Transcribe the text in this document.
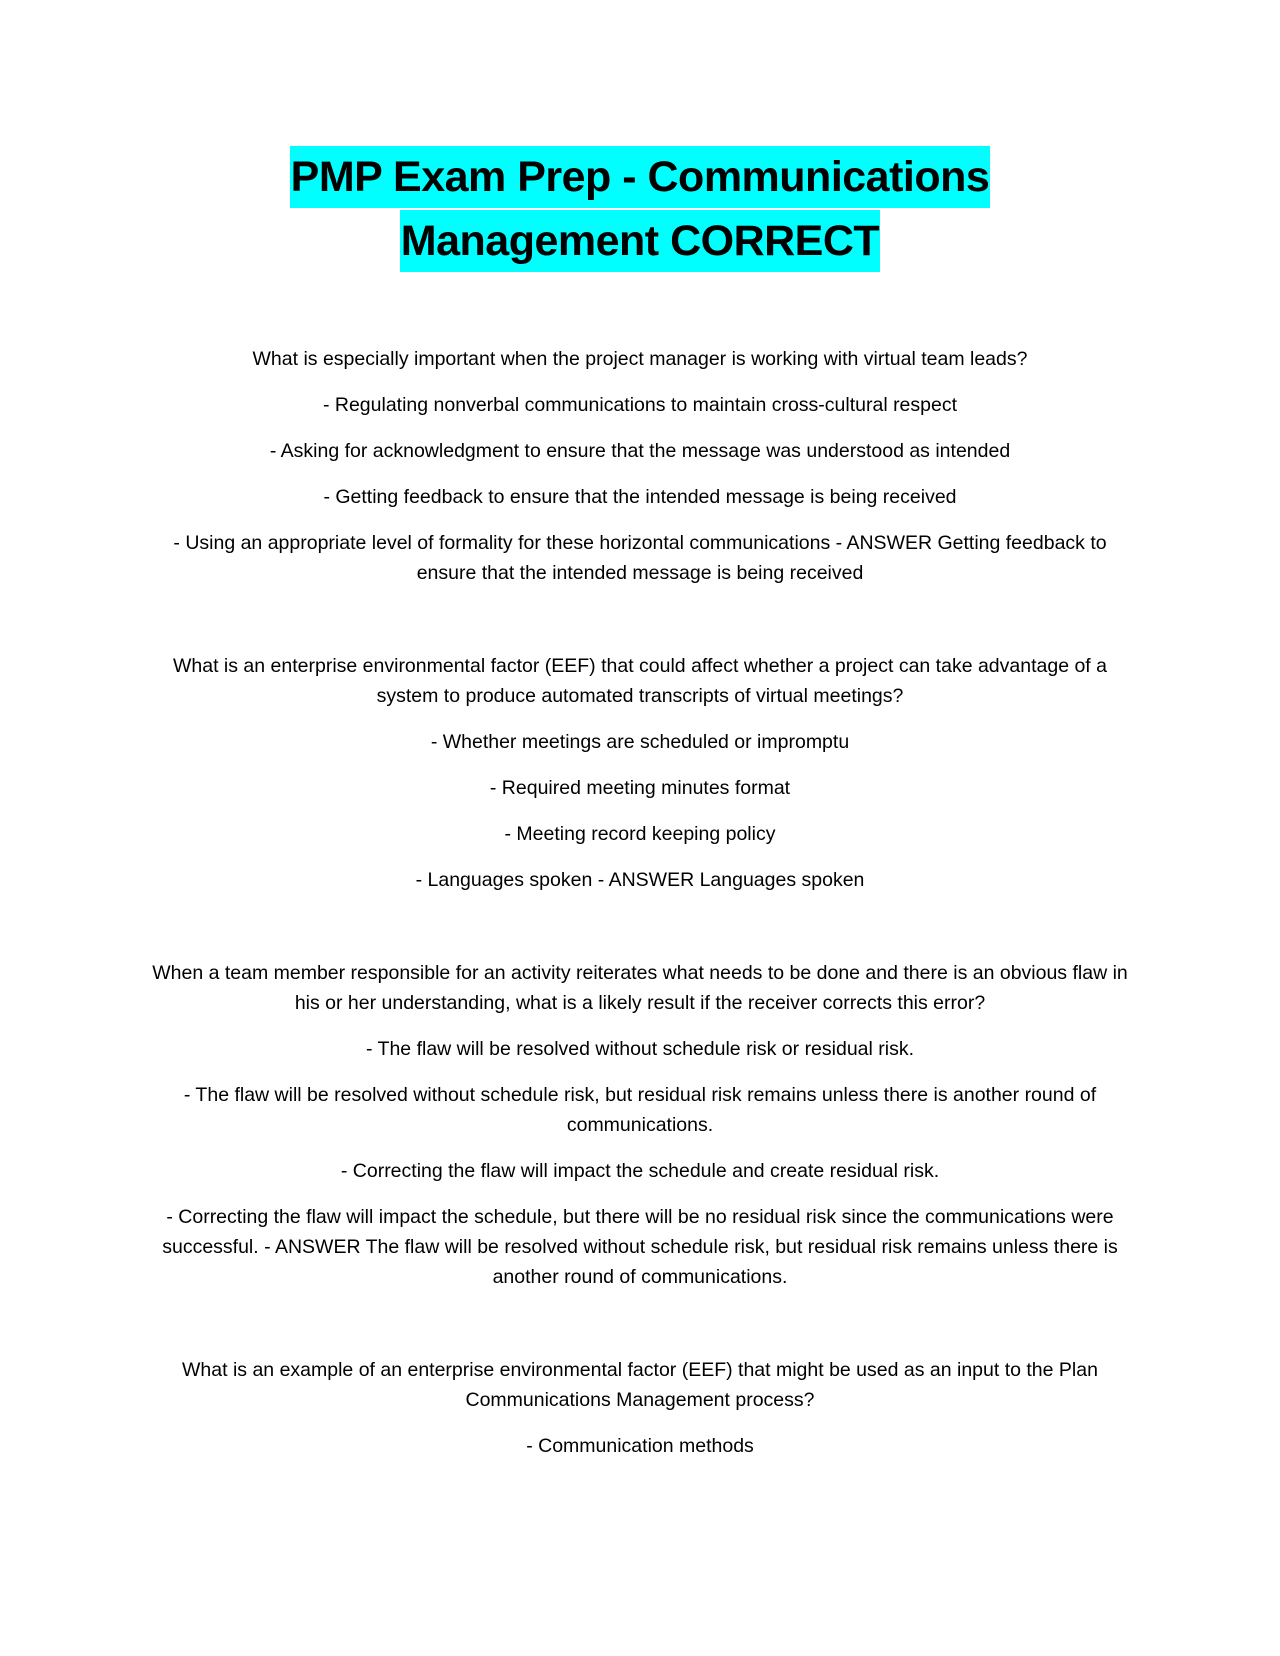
PMP Exam Prep - Communications
Management CORRECT

What is especially important when the project manager is working with virtual team leads?

- Regulating nonverbal communications to maintain cross-cultural respect

- Asking for acknowledgment to ensure that the message was understood as intended

- Getting feedback to ensure that the intended message is being received

- Using an appropriate level of formality for these horizontal communications - ANSWER Getting feedback to ensure that the intended message is being received

What is an enterprise environmental factor (EEF) that could affect whether a project can take advantage of a system to produce automated transcripts of virtual meetings?

- Whether meetings are scheduled or impromptu

- Required meeting minutes format

- Meeting record keeping policy

- Languages spoken - ANSWER Languages spoken

When a team member responsible for an activity reiterates what needs to be done and there is an obvious flaw in his or her understanding, what is a likely result if the receiver corrects this error?

- The flaw will be resolved without schedule risk or residual risk.

- The flaw will be resolved without schedule risk, but residual risk remains unless there is another round of communications.

- Correcting the flaw will impact the schedule and create residual risk.

- Correcting the flaw will impact the schedule, but there will be no residual risk since the communications were successful. - ANSWER The flaw will be resolved without schedule risk, but residual risk remains unless there is another round of communications.

What is an example of an enterprise environmental factor (EEF) that might be used as an input to the Plan Communications Management process?

- Communication methods
